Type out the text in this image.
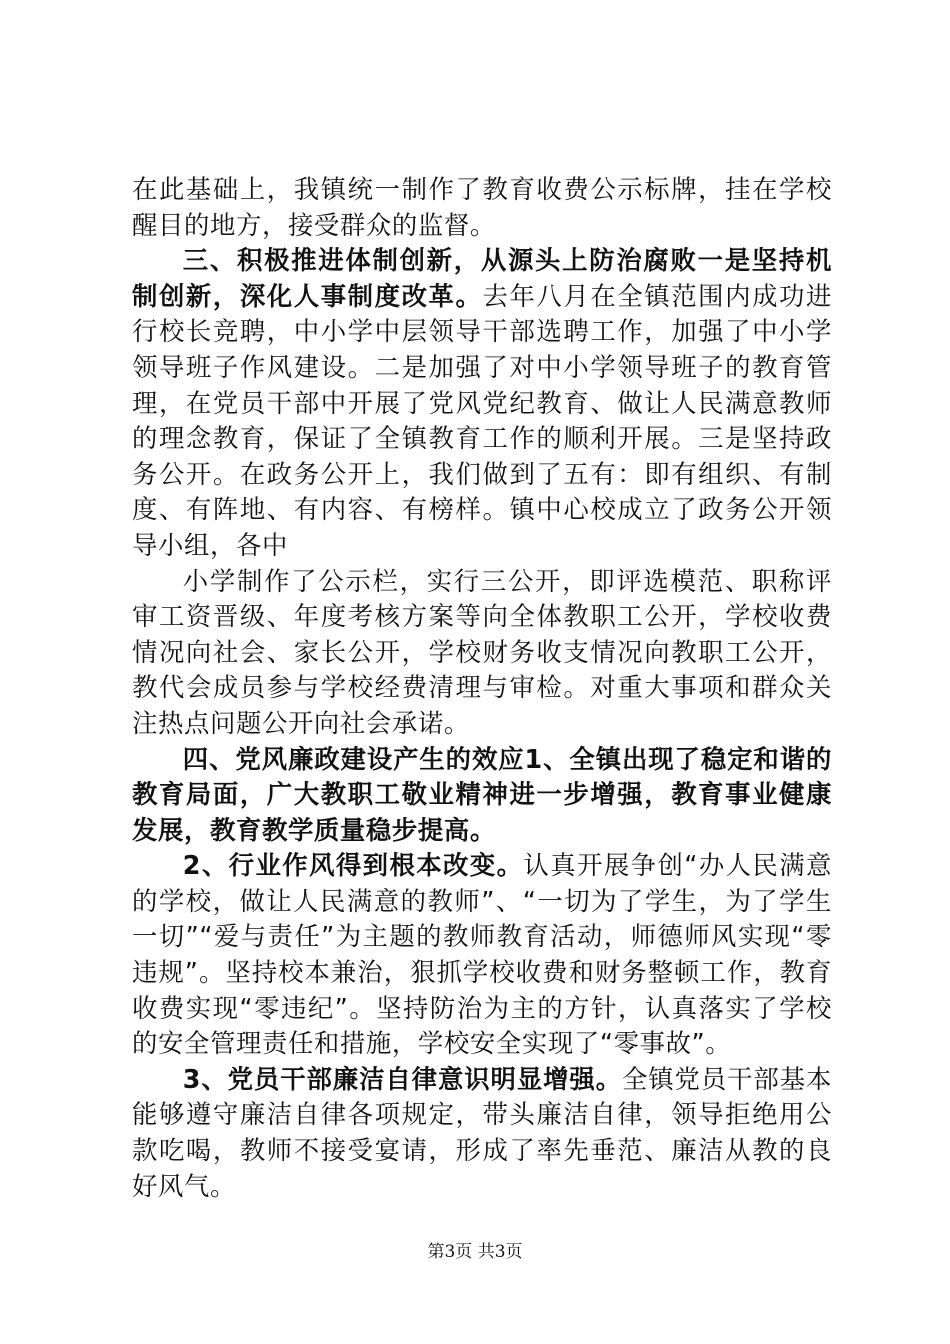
在此基础上，我镇统一制作了教育收费公示标牌，挂在学校醒目的地方，接受群众的监督。

三、积极推进体制创新，从源头上防治腐败一是坚持机制创新，深化人事制度改革。去年八月在全镇范围内成功进行校长竞聘，中小学中层领导干部选聘工作，加强了中小学领导班子作风建设。二是加强了对中小学领导班子的教育管理，在党员干部中开展了党风党纪教育、做让人民满意教师的理念教育，保证了全镇教育工作的顺利开展。三是坚持政务公开。在政务公开上，我们做到了五有：即有组织、有制度、有阵地、有内容、有榜样。镇中心校成立了政务公开领导小组，各中

小学制作了公示栏，实行三公开，即评选模范、职称评审工资晋级、年度考核方案等向全体教职工公开，学校收费情况向社会、家长公开，学校财务收支情况向教职工公开，教代会成员参与学校经费清理与审检。对重大事项和群众关注热点问题公开向社会承诺。

四、党风廉政建设产生的效应1、全镇出现了稳定和谐的教育局面，广大教职工敬业精神进一步增强，教育事业健康发展，教育教学质量稳步提高。

2、行业作风得到根本改变。认真开展争创“办人民满意的学校，做让人民满意的教师”、“一切为了学生，为了学生一切”“爱与责任”为主题的教师教育活动，师德师风实现“零违规”。坚持校本兼治，狠抓学校收费和财务整顿工作，教育收费实现“零违纪”。坚持防治为主的方针，认真落实了学校的安全管理责任和措施，学校安全实现了“零事故”。

3、党员干部廉洁自律意识明显增强。全镇党员干部基本能够遵守廉洁自律各项规定，带头廉洁自律，领导拒绝用公款吃喝，教师不接受宴请，形成了率先垂范、廉洁从教的良好风气。

第3页 共3页
